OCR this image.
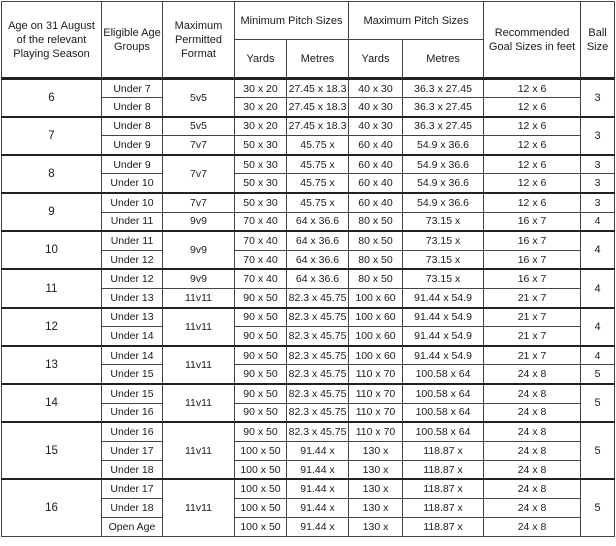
Age on 31 August of the relevant Playing Season	Eligible Age Groups	Maximum Permitted Format	Minimum Pitch Sizes		Maximum Pitch Sizes		Recommended Goal Sizes in feet	Ball Size
			Yards	Metres	Yards	Metres		
6	Under 7	5v5	30 x 20	27.45 x 18.3	40 x 30	36.3 x 27.45	12 x 6	3
	Under 8		30 x 20	27.45 x 18.3	40 x 30	36.3 x 27.45	12 x 6	
7	Under 8	5v5	30 x 20	27.45 x 18.3	40 x 30	36.3 x 27.45	12 x 6	3
	Under 9	7v7	50 x 30	45.75 x	60 x 40	54.9 x 36.6	12 x 6	
8	Under 9	7v7	50 x 30	45.75 x	60 x 40	54.9 x 36.6	12 x 6	3
	Under 10		50 x 30	45.75 x	60 x 40	54.9 x 36.6	12 x 6	3
9	Under 10	7v7	50 x 30	45.75 x	60 x 40	54.9 x 36.6	12 x 6	3
	Under 11	9v9	70 x 40	64 x 36.6	80 x 50	73.15 x	16 x 7	4
10	Under 11	9v9	70 x 40	64 x 36.6	80 x 50	73.15 x	16 x 7	4
	Under 12		70 x 40	64 x 36.6	80 x 50	73.15 x	16 x 7	
11	Under 12	9v9	70 x 40	64 x 36.6	80 x 50	73.15 x	16 x 7	4
	Under 13	11v11	90 x 50	82.3 x 45.75	100 x 60	91.44 x 54.9	21 x 7	
12	Under 13	11v11	90 x 50	82.3 x 45.75	100 x 60	91.44 x 54.9	21 x 7	4
	Under 14		90 x 50	82.3 x 45.75	100 x 60	91.44 x 54.9	21 x 7	
13	Under 14	11v11	90 x 50	82.3 x 45.75	100 x 60	91.44 x 54.9	21 x 7	4
	Under 15		90 x 50	82.3 x 45.75	110 x 70	100.58 x 64	24 x 8	5
14	Under 15	11v11	90 x 50	82.3 x 45.75	110 x 70	100.58 x 64	24 x 8	5
	Under 16		90 x 50	82.3 x 45.75	110 x 70	100.58 x 64	24 x 8	
15	Under 16	11v11	90 x 50	82.3 x 45.75	110 x 70	100.58 x 64	24 x 8	5
	Under 17		100 x 50	91.44 x	130 x	118.87 x	24 x 8	
	Under 18		100 x 50	91.44 x	130 x	118.87 x	24 x 8	
16	Under 17	11v11	100 x 50	91.44 x	130 x	118.87 x	24 x 8	5
	Under 18		100 x 50	91.44 x	130 x	118.87 x	24 x 8	
	Open Age		100 x 50	91.44 x	130 x	118.87 x	24 x 8	
